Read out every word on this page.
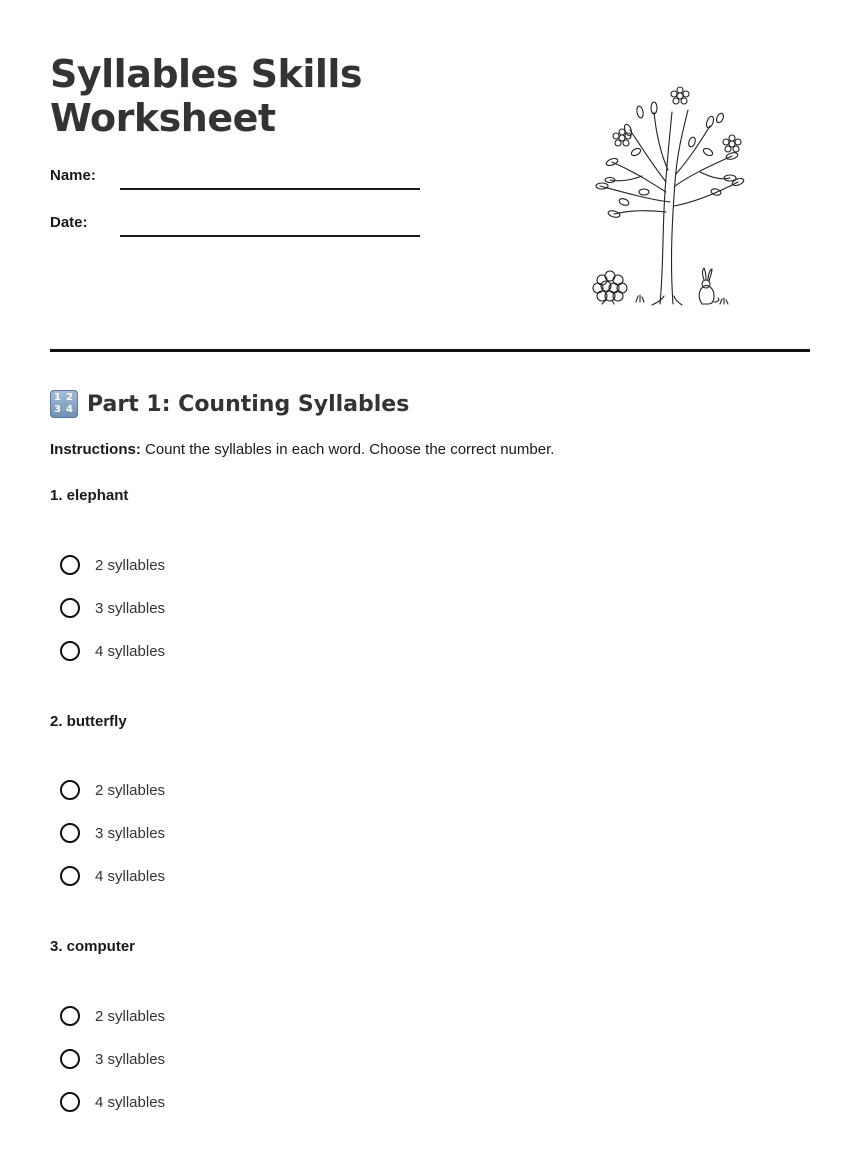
Syllables Skills Worksheet
Name:
Date:
1 2
3 4 Part 1: Counting Syllables
Instructions: Count the syllables in each word. Choose the correct number.
1. elephant
2 syllables
3 syllables
4 syllables
2. butterfly
2 syllables
3 syllables
4 syllables
3. computer
2 syllables
3 syllables
4 syllables
